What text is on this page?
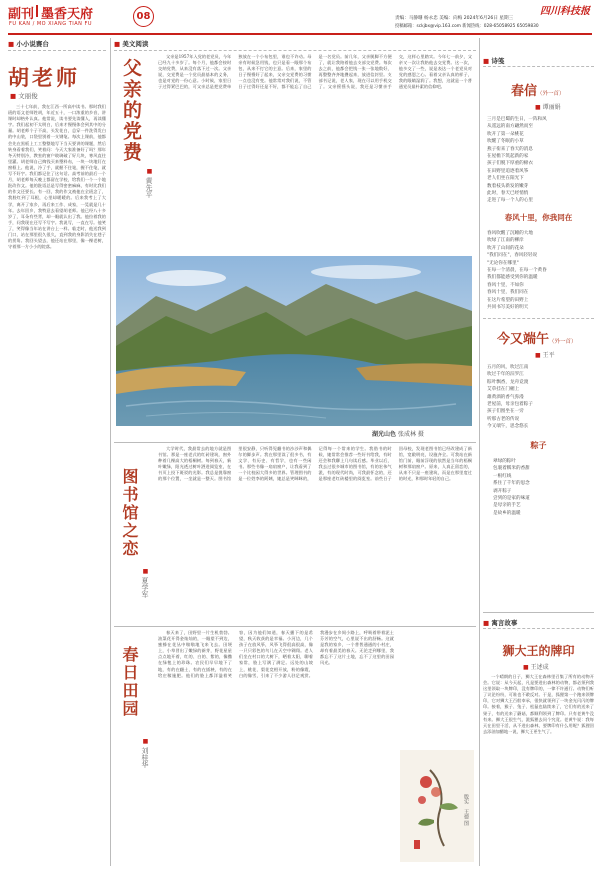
副刊 墨香天府
FU KAN / MO XIANG TIAN FU
08	四川科技报
责编：马静珊 杨永忠 美编：向梅 2024年6月26日 星期三
投稿邮箱：sckjbx@vip.163.com 新闻热线：028-65058925 65059830
■ 小小说赛台
胡老师
■ 文丽俊

三十七年前，我在江西一所高中读书。那时我们班的语文老师姓胡，年近五十，一口浓重的乡音，讲课时却格外认真。他常说，读书要先读懂人，再读懂字。我们起初不太明白，后来才慢慢体会到其中的分量。胡老师个子不高，头发花白，总穿一件洗得发白的中山装，口袋里别着一支钢笔。每次上课前，他都会先在黑板上工工整整地写下当天要讲的课题，然后转身看着我们，笑着问：今天大家准备好了吗？那年冬天特别冷，教室的窗户玻璃破了好几块，寒风直往里灌。胡老师自己掏钱买来塑料布，一块一块地钉在窗框上。他说，冷了手，就握不住笔，握不住笔，就写不好字。我们都记住了这句话。高考前的最后一个月，胡老师每天晚上都留在学校，给我们一个一个地批改作文。他的批语总是写得密密麻麻，有时比我们的作文还要长。有一回，我的作文被他在全班念了，我脸红到了耳根，心里却暖暖的。后来我考上了大学，离开了家乡，再后来工作、成家，一晃就是几十年。去年回乡，我特意去看望胡老师。他已经八十多岁了，耳朵有些背，却一眼就认出了我。他拉着我的手，问我现在还写不写字。我说写，一直在写。他笑了，笑得像当年站在讲台上一样。临走时，他送我到门口，站在那里很久很久，直到我的身影消失在巷子的拐角。我回头望去，他还站在那里，像一棵老树，守着那一方小小的院落。

■ 美文阅读
父亲的党费
■黄先平

父亲是1957年入党的老党员，今年已经九十多岁了。每个月，他都会按时交纳党费，从来没有落下过一次。父亲说，交党费是一个党员最基本的义务，也是对党的一份心意。小时候，家里日子过得紧巴巴的，可父亲总是把党费单独放在一个小布包里，谁也不许动。母亲有时候急用钱，也只是看一眼那个布包，从来不打它的主意。后来，家里的日子慢慢好了起来，父亲交党费的习惯一点也没有变。他常常对我们说，不管日子过得好还是不好，都不能忘了自己是一名党员。前几年，父亲腿脚不方便了，就让我陪着他去支部交党费。每次去之前，他都会把钱一张一张地数好，再整整齐齐地叠起来，放进信封里。支部书记说，老人家，现在可以用手机交了。父亲摇摇头说，我还是习惯亲手交，这样心里踏实。今年七一前夕，父亲又一次让我陪他去交党费。这一次，他多交了一些，说是表达一个老党员对党的感恩之心。看着父亲认真的样子，我的眼睛湿润了。我想，这就是一个普通党员最朴素的信仰吧。

湖光山色 张成林 摄
图书馆之恋
■夏学军

大学时代，我最常去的地方就是图书馆。那是一座老式的红砖建筑，窗外种着几棵高大的梧桐树。每到春天，新叶嫩绿，阳光透过树叶洒进阅览室，在书页上投下斑驳的光影。我总是挑靠窗的那个位置，一坐就是一整天。图书馆里很安静，只听得见翻书的沙沙声和偶尔的脚步声。我在那里读了很多书，有文学、有历史、有哲学，也有一些闲书。那些书像一扇扇窗户，让我看到了一个比校园大得多的世界。管理图书的是一位姓李的阿姨，她总是笑眯眯的，记得每一个常来的学生。我借书的时候，她常常会推荐一些好书给我，有时还会和我聊上几句读后感。毕业以后，我去过很多城市的图书馆，有的宏伟气派，有的现代时尚，可我最怀念的，还是那座老红砖楼里的阅览室。前些日子回母校，发现老图书馆已经改建成了新馆，宽敞明亮，设施齐全。可我站在新馆门前，眼前浮现的依然是当年的梧桐树和那扇窗户。原来，人真正留恋的，从来不只是一座建筑，而是在那里度过的时光，和那时年轻的自己。

春日田园
■刘桂华

春天来了，田野里一片生机勃勃。油菜花开得金灿灿的，一眼望不到边，蜜蜂在花丛中嗡嗡地飞来飞去。田埂上，小草冒出了嫩绿的新芽，野花星星点点地开着，红的、白的、紫的，像撒在绿毯上的珍珠。农民们早早地下了地，有的在翻土，有的在插秧，有的在给庄稼施肥。他们的脸上都洋溢着笑容，因为他们知道，春天播下的是希望，秋天收获的是幸福。小河边，几个孩子在放风筝，风筝飞得很高很高，像一只只彩色的鸟儿在天空中翱翔。老人们坐在村口的大树下，晒着太阳，聊着家常，脸上写满了满足。远处的山坡上，桃花、梨花竞相开放，粉的像霞，白的像雪，引来了不少游人驻足观赏。我漫步在乡间小路上，呼吸着带着泥土芬芳的空气，心里说不出的舒畅。这就是我的家乡，一个普普通通的小村庄，却有着最美的春天。无论走到哪里，我都忘不了这片土地，忘不了这里的田园风光。

殷实 王德 图
■ 诗笺
春信（外一首）
■ 谭丽娟
三月是巴蜀的生日，一阵和风
从遥远的南方翩然而至
吹开了第一朵桃花
吹醒了冬眠的小草
燕子衔来了春天的消息
在屋檐下筑起新的家
孩子们脱下厚重的棉衣
在田野里追逐着风筝
老人们坐在阳光下
数着枝头新发的嫩芽
此时，春天已经悄悄
走进了每一个人的心里
春风十里，你我同在
春风吹醒了沉睡的大地
吹绿了江南的柳岸
吹开了山间的花朵
"我们同在"，春风轻轻说
"无论你在哪里"
在每一个清晨，在每一个黄昏
我们都能感受到你的温暖
春风十里，不如你
春风十里，我们同在
在这片希望的田野上
共同书写美好的明天
今又端午（外一首）
■ 王平
五月的风，吹过江南
吹过千年的汨罗江
粽叶飘香，龙舟竞渡
艾草挂在门楣上
雄黄酒的香气弥漫
老屋前，母亲包着粽子
孩子们围坐在一旁
听那古老的传说
今又端午，思念悠长
粽子
翠绿的粽叶
包裹着糯米的香甜
一根红线
系住了千年的思念
剥开粽子
尝到的是家的味道
是母亲的手艺
是故乡的温暖
■ 寓言故事
狮大王的牌印
■ 王述成

一个晴朗的日子，狮大王在森林里召集了所有的动物开会。它说：从今天起，凡是要进出森林的动物，都必须到我这里领取一块牌印，没有牌印的，一律不许通行。动物们听了议论纷纷，可谁也不敢反对。于是，狐狸第一个跑来领牌印，它对狮大王百般奉承，很快就领到了一块金光闪闪的牌印。接着，猴子、兔子、松鼠也陆续来了，它们有的送来了果子，有的送来了蘑菇，都顺利领到了牌印。只有老黄牛没有来。狮大王很生气，派狐狸去问个究竟。老黄牛说：我每天在田里干活，从不进出森林，要牌印有什么用呢？狐狸回去添油加醋地一说，狮大王更生气了。
